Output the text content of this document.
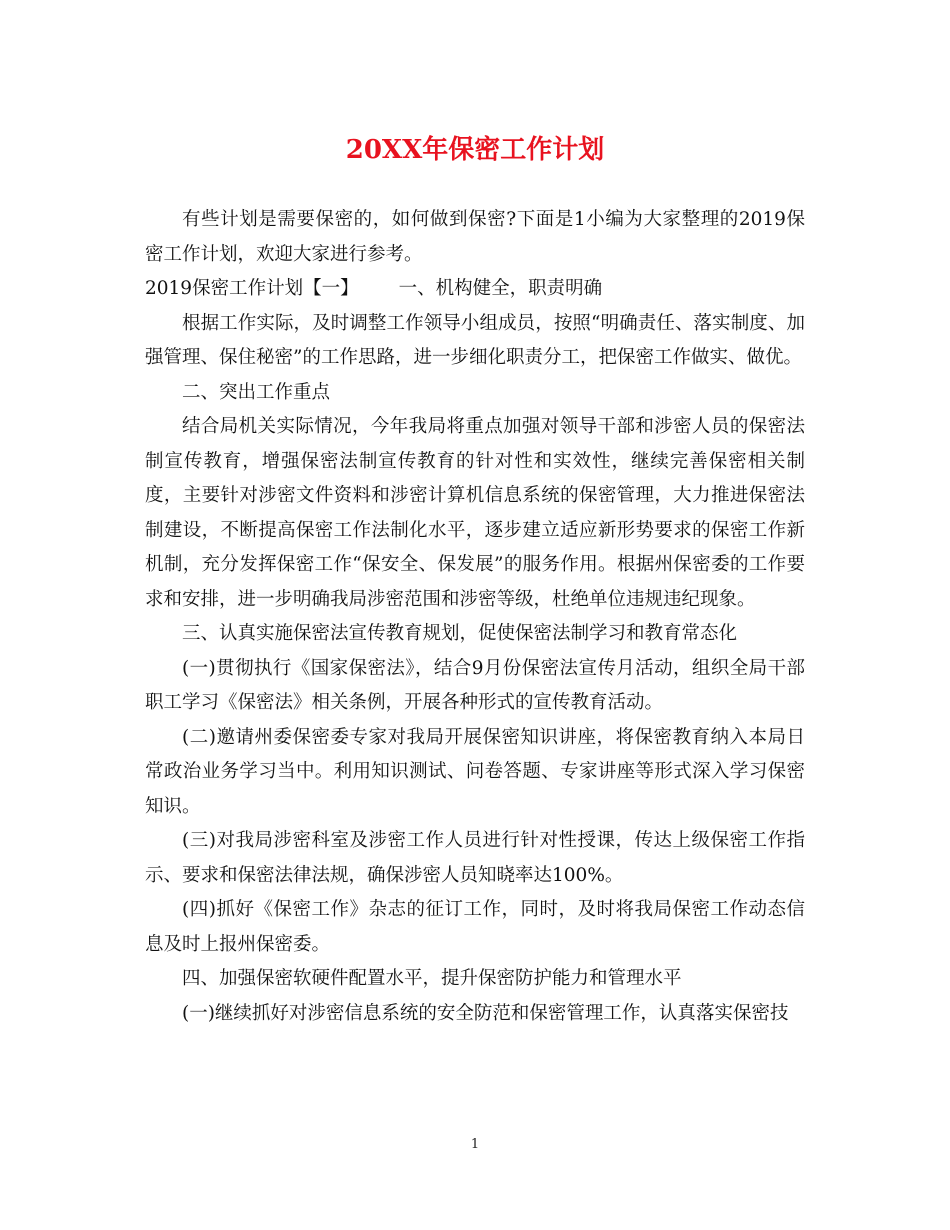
20XX年保密工作计划

有些计划是需要保密的，如何做到保密?下面是1小编为大家整理的2019保密工作计划，欢迎大家进行参考。

2019保密工作计划【一】 一、机构健全，职责明确

根据工作实际，及时调整工作领导小组成员，按照“明确责任、落实制度、加强管理、保住秘密”的工作思路，进一步细化职责分工，把保密工作做实、做优。

二、突出工作重点

结合局机关实际情况，今年我局将重点加强对领导干部和涉密人员的保密法制宣传教育，增强保密法制宣传教育的针对性和实效性，继续完善保密相关制度，主要针对涉密文件资料和涉密计算机信息系统的保密管理，大力推进保密法制建设，不断提高保密工作法制化水平，逐步建立适应新形势要求的保密工作新机制，充分发挥保密工作“保安全、保发展”的服务作用。根据州保密委的工作要求和安排，进一步明确我局涉密范围和涉密等级，杜绝单位违规违纪现象。

三、认真实施保密法宣传教育规划，促使保密法制学习和教育常态化

(一)贯彻执行《国家保密法》，结合9月份保密法宣传月活动，组织全局干部职工学习《保密法》相关条例，开展各种形式的宣传教育活动。

(二)邀请州委保密委专家对我局开展保密知识讲座，将保密教育纳入本局日常政治业务学习当中。利用知识测试、问卷答题、专家讲座等形式深入学习保密知识。

(三)对我局涉密科室及涉密工作人员进行针对性授课，传达上级保密工作指示、要求和保密法律法规，确保涉密人员知晓率达100%。

(四)抓好《保密工作》杂志的征订工作，同时，及时将我局保密工作动态信息及时上报州保密委。

四、加强保密软硬件配置水平，提升保密防护能力和管理水平

(一)继续抓好对涉密信息系统的安全防范和保密管理工作，认真落实保密技

1
